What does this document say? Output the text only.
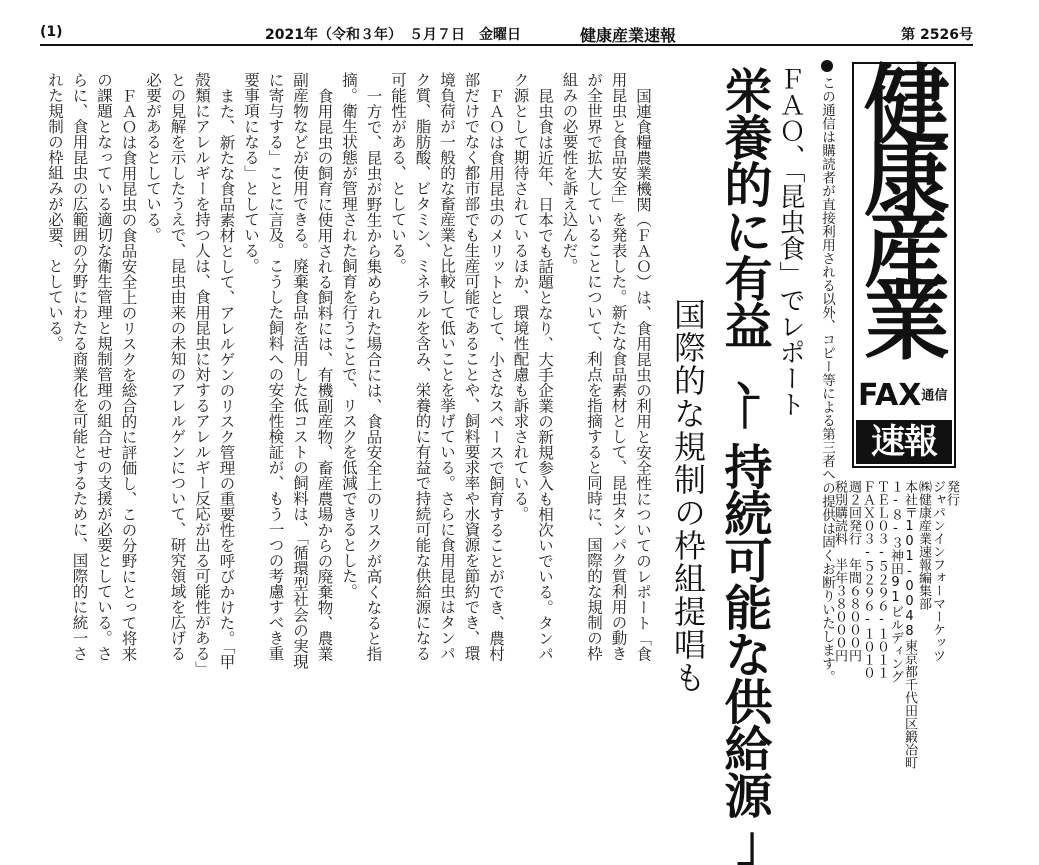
(1)	2021年（令和３年）　５月７日　金曜日	健康産業速報	第 2526号
この通信は購読者が直接利用される以外、コピー等による第三者への提供は固くお断りいたします。 健
康
産
業
FAX通信
速報
発行
ジャパンインフォーマーケッツ
㈱健康産業速報編集部
本社〒101-0048東京都千代田区鍛冶町
１-８-３神田91ビルディング
ＴＥＬ０３-５２９６-１０１１
ＦＡＸ０３-５２９６-１０１０
週２回発行　年間６８０００円
税別購読料　半年３８０００円
ＦＡＯ、「昆虫食」でレポート
栄養的に有益､｢持続可能な供給源｣
国際的な規制の枠組提唱も

国連食糧農業機関（ＦＡＯ）は、食用昆虫の利用と安全性についてのレポート「食用昆虫と食品安全」を発表した。新たな食品素材として、昆虫タンパク質利用の動きが全世界で拡大していることについて、利点を指摘すると同時に、国際的な規制の枠組みの必要性を訴え込んだ。

昆虫食は近年、日本でも話題となり、大手企業の新規参入も相次いでいる。タンパク源として期待されているほか、環境性配慮も訴求されている。

ＦＡＯは食用昆虫のメリットとして、小さなスペースで飼育することができ、農村部だけでなく都市部でも生産可能であることや、飼料要求率や水資源を節約でき、環境負荷が一般的な畜産業と比較して低いことを挙げている。さらに食用昆虫はタンパク質、脂肪酸、ビタミン、ミネラルを含み、栄養的に有益で持続可能な供給源になる可能性がある、としている。

一方で、昆虫が野生から集められた場合には、食品安全上のリスクが高くなると指摘。衛生状態が管理された飼育を行うことで、リスクを低減できるとした。

食用昆虫の飼育に使用される飼料には、有機副産物、畜産農場からの廃棄物、農業副産物などが使用できる。廃棄食品を活用した低コストの飼料は、「循環型社会の実現に寄与する」ことに言及。こうした飼料への安全性検証が、もう一つの考慮すべき重要事項になる」としている。

また、新たな食品素材として、アレルゲンのリスク管理の重要性を呼びかけた。「甲殻類にアレルギーを持つ人は、食用昆虫に対するアレルギー反応が出る可能性がある」との見解を示したうえで、昆虫由来の未知のアレルゲンについて、研究領域を広げる必要があるとしている。

ＦＡＯは食用昆虫の食品安全上のリスクを総合的に評価し、この分野にとって将来の課題となっている適切な衛生管理と規制管理の組合せの支援が必要としている。さらに、食用昆虫の広範囲の分野にわたる商業化を可能とするために、国際的に統一された規制の枠組みが必要、としている。
